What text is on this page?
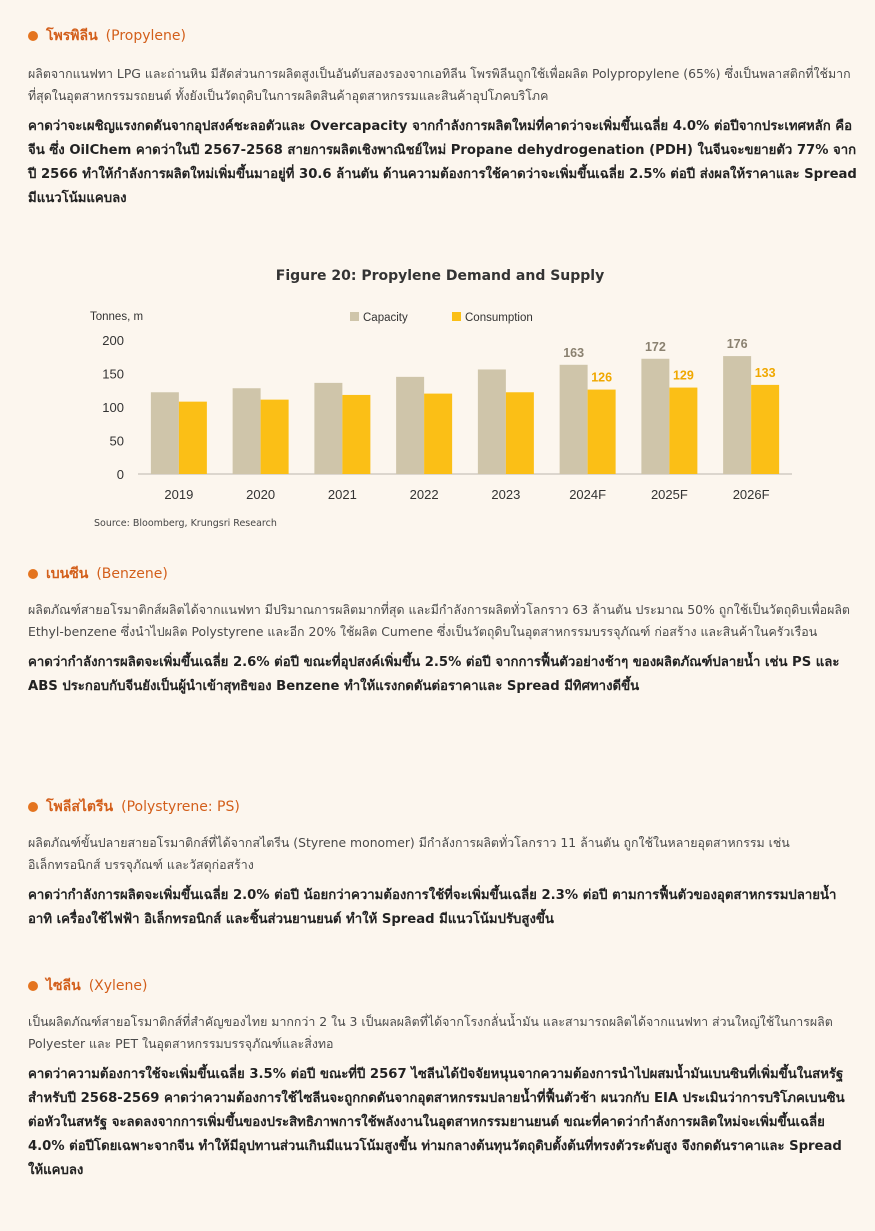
โพรพิลีน (Propylene)

ผลิตจากแนฟทา LPG และถ่านหิน มีสัดส่วนการผลิตสูงเป็นอันดับสองรองจากเอทิลีน โพรพิลีนถูกใช้เพื่อผลิต Polypropylene (65%) ซึ่งเป็นพลาสติกที่ใช้มากที่สุดในอุตสาหกรรมรถยนต์ ทั้งยังเป็นวัตถุดิบในการผลิตสินค้าอุตสาหกรรมและสินค้าอุปโภคบริโภค

คาดว่าจะเผชิญแรงกดดันจากอุปสงค์ชะลอตัวและ Overcapacity จากกำลังการผลิตใหม่ที่คาดว่าจะเพิ่มขึ้นเฉลี่ย 4.0% ต่อปีจากประเทศหลัก คือ จีน ซึ่ง OilChem คาดว่าในปี 2567-2568 สายการผลิตเชิงพาณิชย์ใหม่ Propane dehydrogenation (PDH) ในจีนจะขยายตัว 77% จากปี 2566 ทำให้กำลังการผลิตใหม่เพิ่มขึ้นมาอยู่ที่ 30.6 ล้านตัน ด้านความต้องการใช้คาดว่าจะเพิ่มขึ้นเฉลี่ย 2.5% ต่อปี ส่งผลให้ราคาและ Spread มีแนวโน้มแคบลง

Figure 20: Propylene Demand and Supply
Tonnes, m
0
50
100
150
200
Capacity	Consumption
2019	2020	2021	2022	2023
163
126
2024F
172
129
2025F
176
133
2026F
Source: Bloomberg, Krungsri Research
เบนซีน (Benzene)

ผลิตภัณฑ์สายอโรมาติกส์ผลิตได้จากแนฟทา มีปริมาณการผลิตมากที่สุด และมีกำลังการผลิตทั่วโลกราว 63 ล้านตัน ประมาณ 50% ถูกใช้เป็นวัตถุดิบเพื่อผลิต Ethyl-benzene ซึ่งนำไปผลิต Polystyrene และอีก 20% ใช้ผลิต Cumene ซึ่งเป็นวัตถุดิบในอุตสาหกรรมบรรจุภัณฑ์ ก่อสร้าง และสินค้าในครัวเรือน

คาดว่ากำลังการผลิตจะเพิ่มขึ้นเฉลี่ย 2.6% ต่อปี ขณะที่อุปสงค์เพิ่มขึ้น 2.5% ต่อปี จากการฟื้นตัวอย่างช้าๆ ของผลิตภัณฑ์ปลายน้ำ เช่น PS และ ABS ประกอบกับจีนยังเป็นผู้นำเข้าสุทธิของ Benzene ทำให้แรงกดดันต่อราคาและ Spread มีทิศทางดีขึ้น

โพลีสไตรีน (Polystyrene: PS)

ผลิตภัณฑ์ขั้นปลายสายอโรมาติกส์ที่ได้จากสไตรีน (Styrene monomer) มีกำลังการผลิตทั่วโลกราว 11 ล้านตัน ถูกใช้ในหลายอุตสาหกรรม เช่น อิเล็กทรอนิกส์ บรรจุภัณฑ์ และวัสดุก่อสร้าง

คาดว่ากำลังการผลิตจะเพิ่มขึ้นเฉลี่ย 2.0% ต่อปี น้อยกว่าความต้องการใช้ที่จะเพิ่มขึ้นเฉลี่ย 2.3% ต่อปี ตามการฟื้นตัวของอุตสาหกรรมปลายน้ำ อาทิ เครื่องใช้ไฟฟ้า อิเล็กทรอนิกส์ และชิ้นส่วนยานยนต์ ทำให้ Spread มีแนวโน้มปรับสูงขึ้น

ไซลีน (Xylene)

เป็นผลิตภัณฑ์สายอโรมาติกส์ที่สำคัญของไทย มากกว่า 2 ใน 3 เป็นผลผลิตที่ได้จากโรงกลั่นน้ำมัน และสามารถผลิตได้จากแนฟทา ส่วนใหญ่ใช้ในการผลิต Polyester และ PET ในอุตสาหกรรมบรรจุภัณฑ์และสิ่งทอ

คาดว่าความต้องการใช้จะเพิ่มขึ้นเฉลี่ย 3.5% ต่อปี ขณะที่ปี 2567 ไซลีนได้ปัจจัยหนุนจากความต้องการนำไปผสมน้ำมันเบนซินที่เพิ่มขึ้นในสหรัฐ สำหรับปี 2568-2569 คาดว่าความต้องการใช้ไซลีนจะถูกกดดันจากอุตสาหกรรมปลายน้ำที่ฟื้นตัวช้า ผนวกกับ EIA ประเมินว่าการบริโภคเบนซินต่อหัวในสหรัฐ จะลดลงจากการเพิ่มขึ้นของประสิทธิภาพการใช้พลังงานในอุตสาหกรรมยานยนต์ ขณะที่คาดว่ากำลังการผลิตใหม่จะเพิ่มขึ้นเฉลี่ย 4.0% ต่อปีโดยเฉพาะจากจีน ทำให้มีอุปทานส่วนเกินมีแนวโน้มสูงขึ้น ท่ามกลางต้นทุนวัตถุดิบตั้งต้นที่ทรงตัวระดับสูง จึงกดดันราคาและ Spread ให้แคบลง
